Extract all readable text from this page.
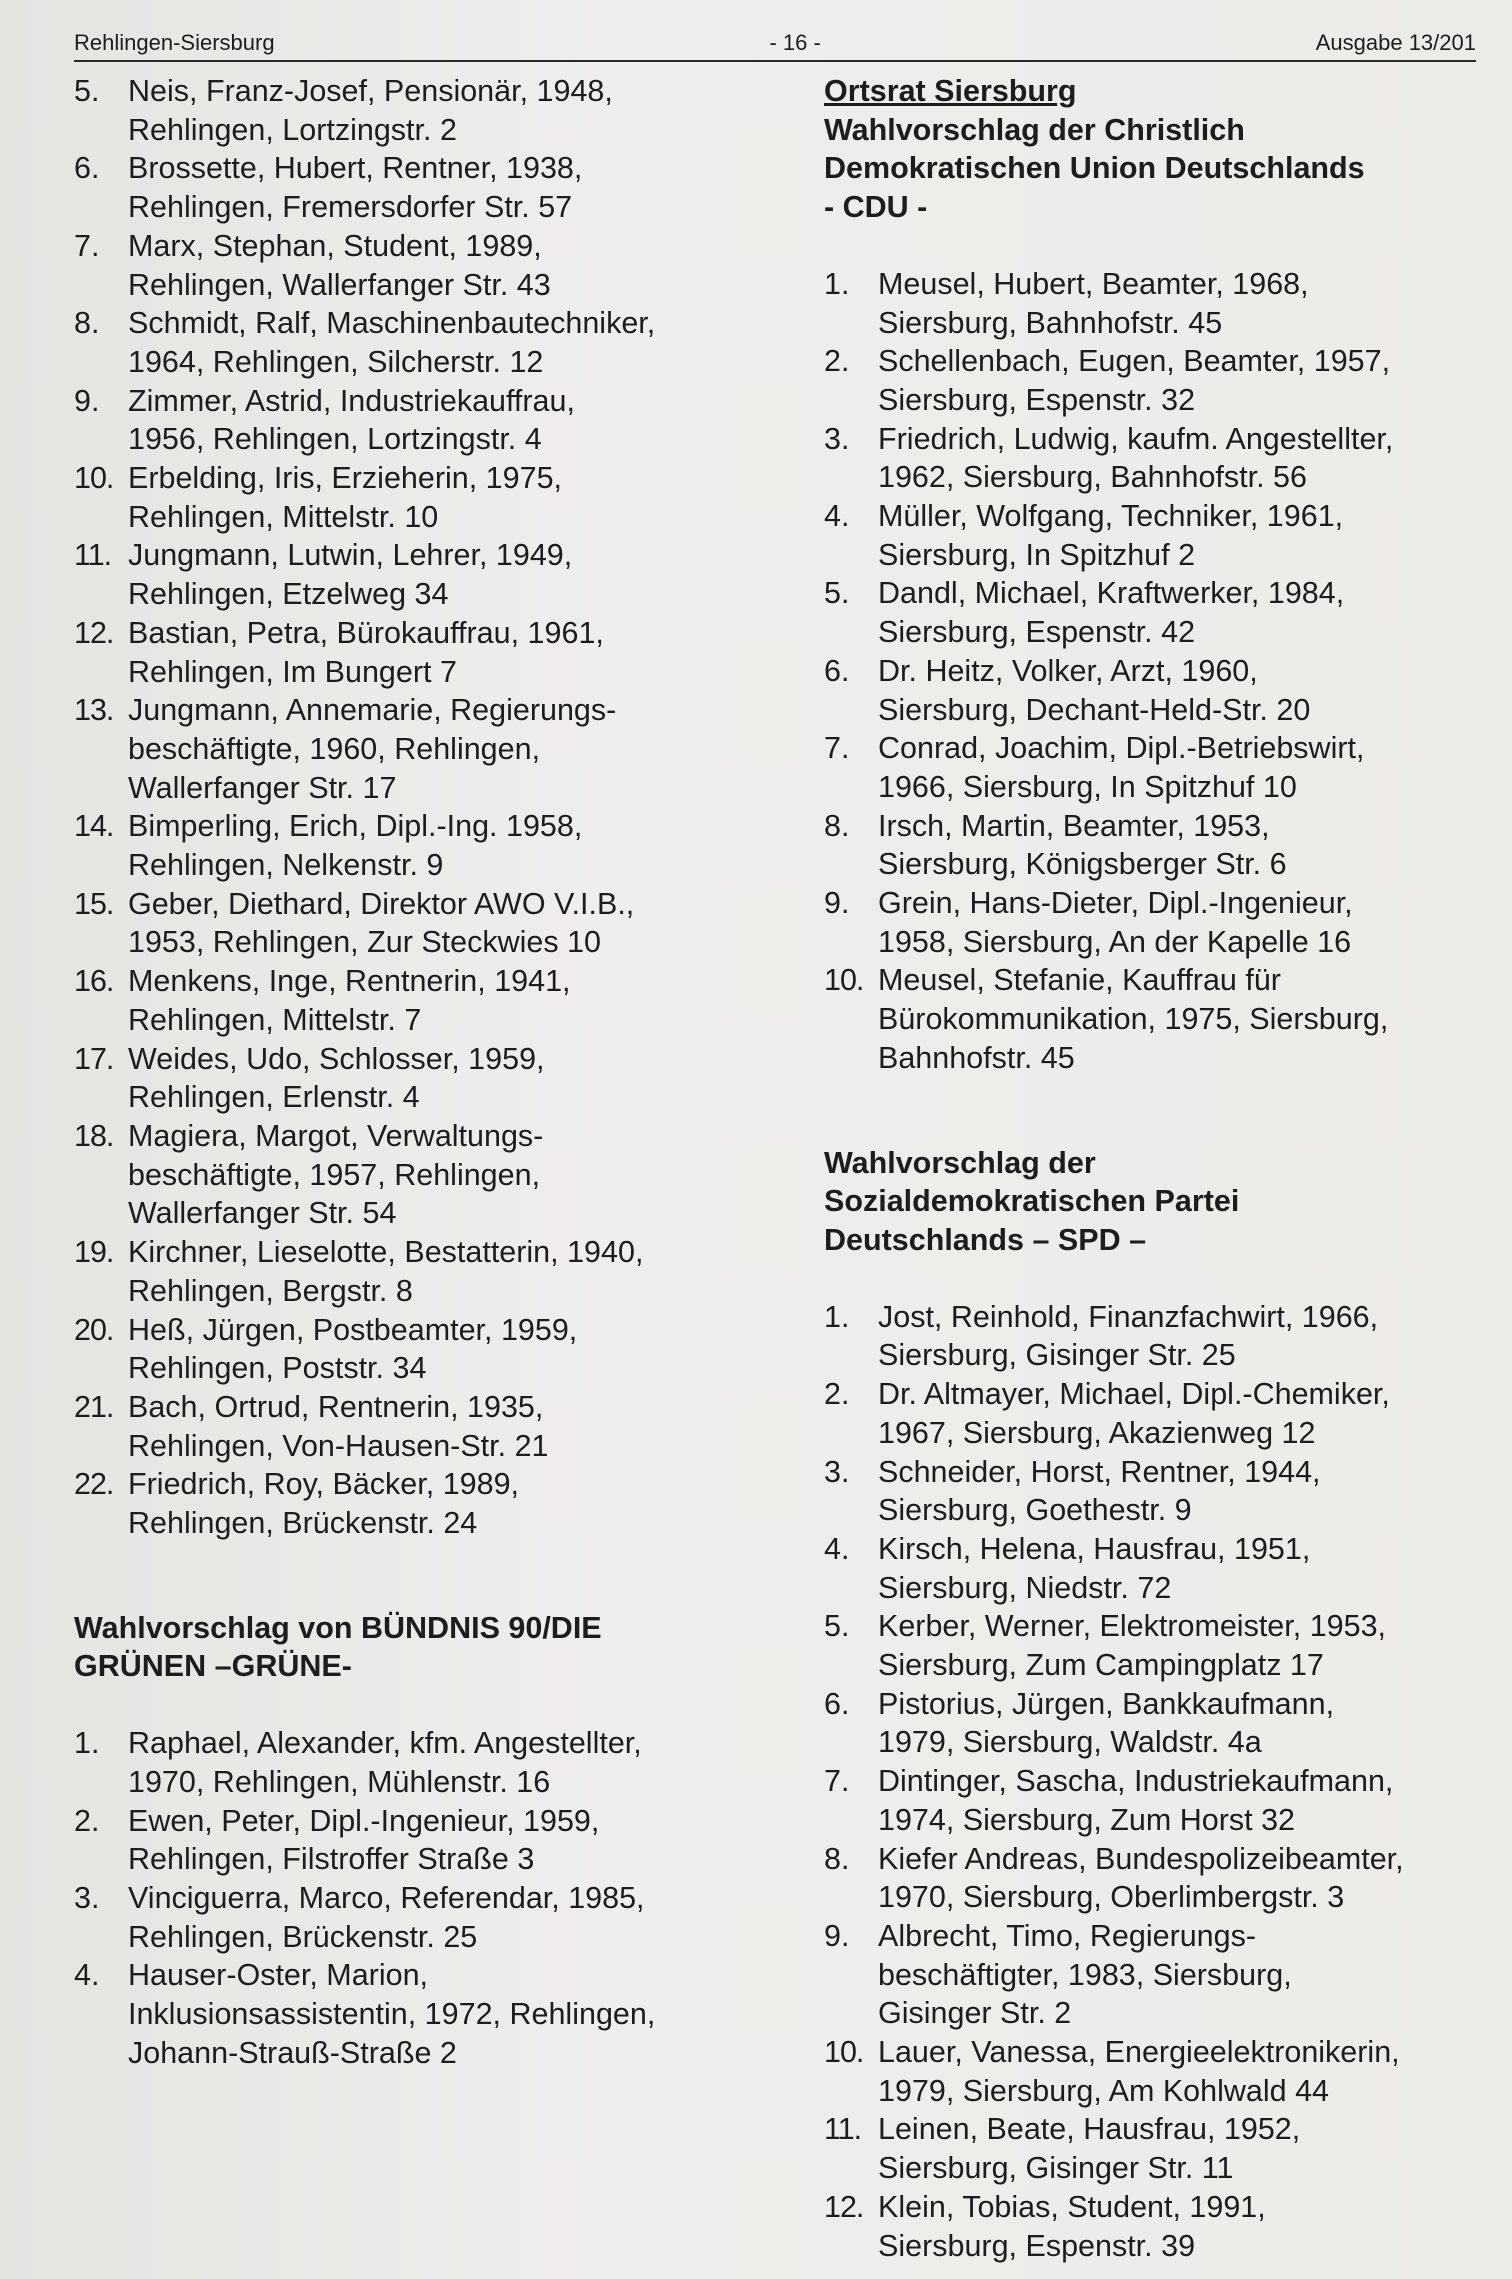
Rehlingen-Siersburg	- 16 -	Ausgabe 13/201
5. Neis, Franz-Josef, Pensionär, 1948,
Rehlingen, Lortzingstr. 2
6. Brossette, Hubert, Rentner, 1938,
Rehlingen, Fremersdorfer Str. 57
7. Marx, Stephan, Student, 1989,
Rehlingen, Wallerfanger Str. 43
8. Schmidt, Ralf, Maschinenbautechniker,
1964, Rehlingen, Silcherstr. 12
9. Zimmer, Astrid, Industriekauffrau,
1956, Rehlingen, Lortzingstr. 4
10. Erbelding, Iris, Erzieherin, 1975,
Rehlingen, Mittelstr. 10
11. Jungmann, Lutwin, Lehrer, 1949,
Rehlingen, Etzelweg 34
12. Bastian, Petra, Bürokauffrau, 1961,
Rehlingen, Im Bungert 7
13. Jungmann, Annemarie, Regierungs-
beschäftigte, 1960, Rehlingen,
Wallerfanger Str. 17
14. Bimperling, Erich, Dipl.-Ing. 1958,
Rehlingen, Nelkenstr. 9
15. Geber, Diethard, Direktor AWO V.I.B.,
1953, Rehlingen, Zur Steckwies 10
16. Menkens, Inge, Rentnerin, 1941,
Rehlingen, Mittelstr. 7
17. Weides, Udo, Schlosser, 1959,
Rehlingen, Erlenstr. 4
18. Magiera, Margot, Verwaltungs-
beschäftigte, 1957, Rehlingen,
Wallerfanger Str. 54
19. Kirchner, Lieselotte, Bestatterin, 1940,
Rehlingen, Bergstr. 8
20. Heß, Jürgen, Postbeamter, 1959,
Rehlingen, Poststr. 34
21. Bach, Ortrud, Rentnerin, 1935,
Rehlingen, Von-Hausen-Str. 21
22. Friedrich, Roy, Bäcker, 1989,
Rehlingen, Brückenstr. 24
Wahlvorschlag von BÜNDNIS 90/DIE
GRÜNEN –GRÜNE-
1. Raphael, Alexander, kfm. Angestellter,
1970, Rehlingen, Mühlenstr. 16
2. Ewen, Peter, Dipl.-Ingenieur, 1959,
Rehlingen, Filstroffer Straße 3
3. Vinciguerra, Marco, Referendar, 1985,
Rehlingen, Brückenstr. 25
4. Hauser-Oster, Marion,
Inklusionsassistentin, 1972, Rehlingen,
Johann-Strauß-Straße 2
Ortsrat Siersburg
Wahlvorschlag der Christlich
Demokratischen Union Deutschlands
- CDU -
1. Meusel, Hubert, Beamter, 1968,
Siersburg, Bahnhofstr. 45
2. Schellenbach, Eugen, Beamter, 1957,
Siersburg, Espenstr. 32
3. Friedrich, Ludwig, kaufm. Angestellter,
1962, Siersburg, Bahnhofstr. 56
4. Müller, Wolfgang, Techniker, 1961,
Siersburg, In Spitzhuf 2
5. Dandl, Michael, Kraftwerker, 1984,
Siersburg, Espenstr. 42
6. Dr. Heitz, Volker, Arzt, 1960,
Siersburg, Dechant-Held-Str. 20
7. Conrad, Joachim, Dipl.-Betriebswirt,
1966, Siersburg, In Spitzhuf 10
8. Irsch, Martin, Beamter, 1953,
Siersburg, Königsberger Str. 6
9. Grein, Hans-Dieter, Dipl.-Ingenieur,
1958, Siersburg, An der Kapelle 16
10. Meusel, Stefanie, Kauffrau für
Bürokommunikation, 1975, Siersburg,
Bahnhofstr. 45
Wahlvorschlag der
Sozialdemokratischen Partei
Deutschlands – SPD –
1. Jost, Reinhold, Finanzfachwirt, 1966,
Siersburg, Gisinger Str. 25
2. Dr. Altmayer, Michael, Dipl.-Chemiker,
1967, Siersburg, Akazienweg 12
3. Schneider, Horst, Rentner, 1944,
Siersburg, Goethestr. 9
4. Kirsch, Helena, Hausfrau, 1951,
Siersburg, Niedstr. 72
5. Kerber, Werner, Elektromeister, 1953,
Siersburg, Zum Campingplatz 17
6. Pistorius, Jürgen, Bankkaufmann,
1979, Siersburg, Waldstr. 4a
7. Dintinger, Sascha, Industriekaufmann,
1974, Siersburg, Zum Horst 32
8. Kiefer Andreas, Bundespolizeibeamter,
1970, Siersburg, Oberlimbergstr. 3
9. Albrecht, Timo, Regierungs-
beschäftigter, 1983, Siersburg,
Gisinger Str. 2
10. Lauer, Vanessa, Energieelektronikerin,
1979, Siersburg, Am Kohlwald 44
11. Leinen, Beate, Hausfrau, 1952,
Siersburg, Gisinger Str. 11
12. Klein, Tobias, Student, 1991,
Siersburg, Espenstr. 39
